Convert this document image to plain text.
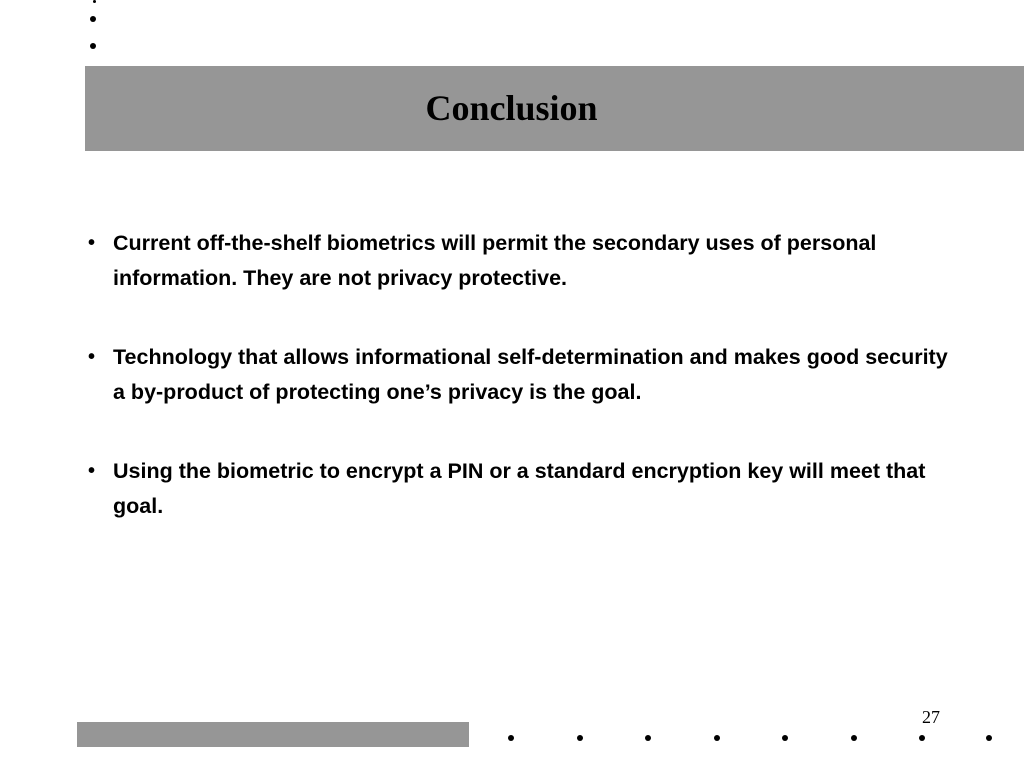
Conclusion
• Current off-the-shelf biometrics will permit the secondary uses of personal information. They are not privacy protective.
• Technology that allows informational self-determination and makes good security a by-product of protecting one’s privacy is the goal.
• Using the biometric to encrypt a PIN or a standard encryption key will meet that goal.
27
